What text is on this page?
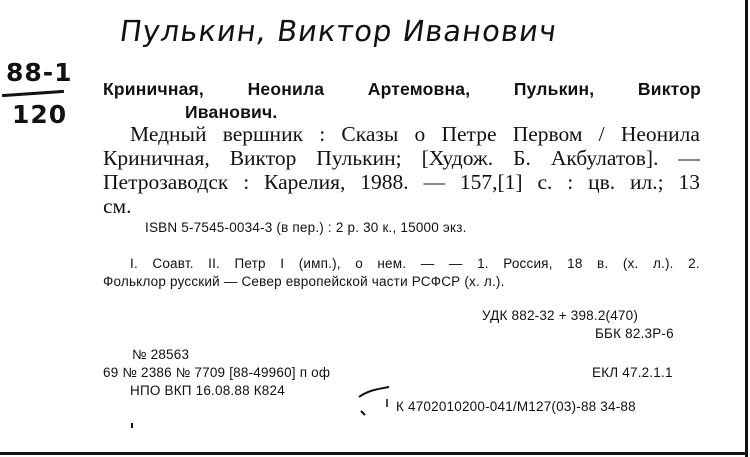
Пулькин, Виктор Иванович
88-1
120
Криничная, Неонила Артемовна, Пулькин, Виктор
Иванович.
Медный вершник : Сказы о Петре Первом / Неонила
Криничная, Виктор Пулькин; [Худож. Б. Акбулатов]. —
Петрозаводск : Карелия, 1988. — 157,[1] с. : цв. ил.; 13
см.
ISBN 5-7545-0034-3 (в пер.) : 2 р. 30 к., 15000 экз.
I. Соавт. II. Петр I (имп.), о нем. — — 1. Россия, 18 в. (х. л.). 2.
Фольклор русский — Север европейской части РСФСР (х. л.).
УДК 882-32 + 398.2(470)
ББК 82.3Р-6
№ 28563
69 № 2386 № 7709 [88-49960] п оф	ЕКЛ 47.2.1.1
НПО ВКП 16.08.88 К824
К 4702010200-041/М127(03)-88 34-88
